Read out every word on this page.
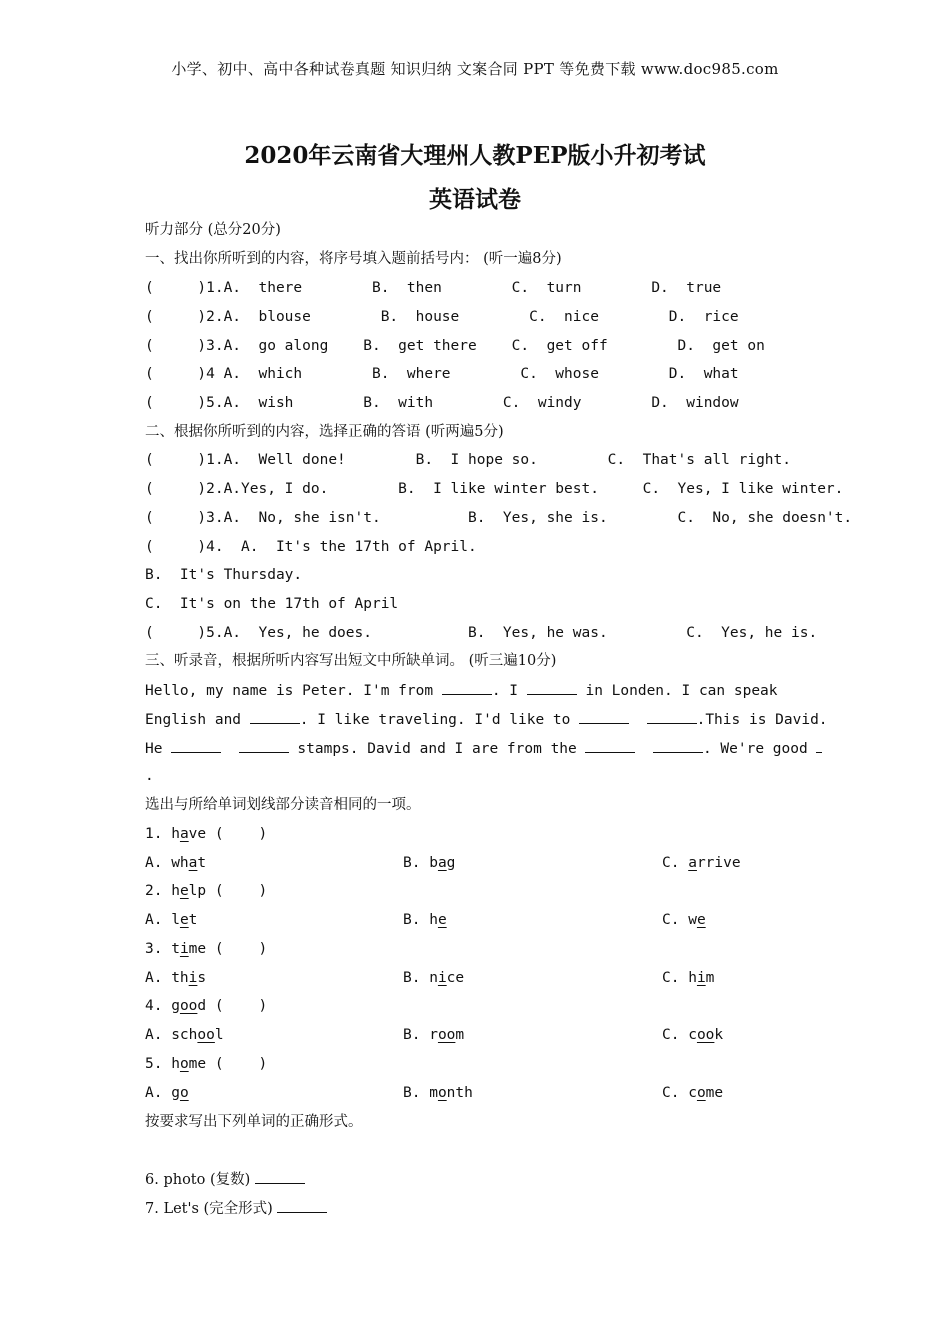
小学、初中、高中各种试卷真题 知识归纳 文案合同 PPT 等免费下载 www.doc985.com
2020年云南省大理州人教PEP版小升初考试
英语试卷
听力部分 (总分20分)
一、找出你所听到的内容，将序号填入题前括号内： (听一遍8分)
(     )1.A.  there        B.  then        C.  turn        D.  true
(     )2.A.  blouse        B.  house        C.  nice        D.  rice
(     )3.A.  go along    B.  get there    C.  get off        D.  get on
(     )4 A.  which        B.  where        C.  whose        D.  what
(     )5.A.  wish        B.  with        C.  windy        D.  window
二、根据你所听到的内容，选择正确的答语 (听两遍5分)
(     )1.A.  Well done!        B.  I hope so.        C.  That's all right.
(     )2.A.Yes, I do.        B.  I like winter best.     C.  Yes, I like winter.
(     )3.A.  No, she isn't.          B.  Yes, she is.        C.  No, she doesn't.
(     )4.  A.  It's the 17th of April.
B.  It's Thursday.
C.  It's on the 17th of April
(     )5.A.  Yes, he does.           B.  Yes, he was.         C.  Yes, he is.
三、听录音，根据所听内容写出短文中所缺单词。 (听三遍10分)
Hello, my name is Peter. I'm from	. I	in Londen. I can speak
English and	. I like traveling. I'd like to	.This is David.
He	stamps. David and I are from the	. We're good
.
选出与所给单词划线部分读音相同的一项。
1. have (    )
A. what	B. bag	C. arrive
2. help (    )
A. let	B. he	C. we
3. time (    )
A. this	B. nice	C. him
4. good (    )
A. school	B. room	C. cook
5. home (    )
A. go	B. month	C. come
按要求写出下列单词的正确形式。
6. photo (复数)
7. Let's (完全形式)
